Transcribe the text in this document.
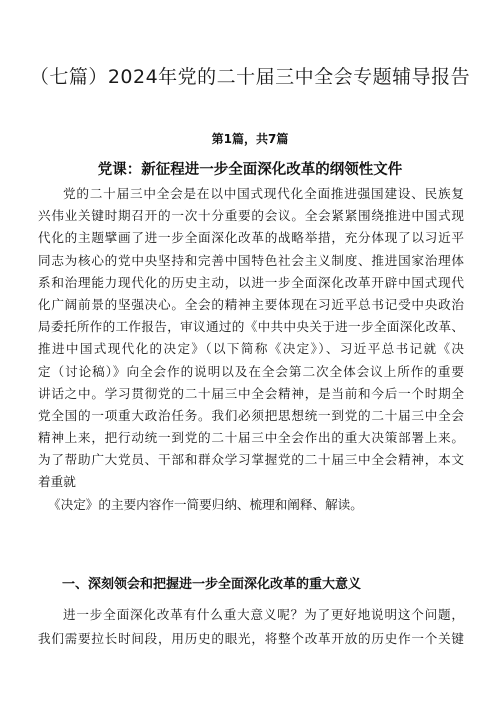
（七篇）2024年党的二十届三中全会专题辅导报告
第1篇，共7篇
党课：新征程进一步全面深化改革的纲领性文件
党的二十届三中全会是在以中国式现代化全面推进强国建设、民族复
兴伟业关键时期召开的一次十分重要的会议。全会紧紧围绕推进中国式现
代化的主题擘画了进一步全面深化改革的战略举措，充分体现了以习近平
同志为核心的党中央坚持和完善中国特色社会主义制度、推进国家治理体
系和治理能力现代化的历史主动，以进一步全面深化改革开辟中国式现代
化广阔前景的坚强决心。全会的精神主要体现在习近平总书记受中央政治
局委托所作的工作报告，审议通过的《中共中央关于进一步全面深化改革、
推进中国式现代化的决定》（以下简称《决定》）、习近平总书记就《决
定（讨论稿）》向全会作的说明以及在全会第二次全体会议上所作的重要
讲话之中。学习贯彻党的二十届三中全会精神，是当前和今后一个时期全
党全国的一项重大政治任务。我们必须把思想统一到党的二十届三中全会
精神上来，把行动统一到党的二十届三中全会作出的重大决策部署上来。
为了帮助广大党员、干部和群众学习掌握党的二十届三中全会精神，本文
着重就
《决定》的主要内容作一简要归纳、梳理和阐释、解读。
一、深刻领会和把握进一步全面深化改革的重大意义
进一步全面深化改革有什么重大意义呢？为了更好地说明这个问题，
我们需要拉长时间段，用历史的眼光，将整个改革开放的历史作一个关键
